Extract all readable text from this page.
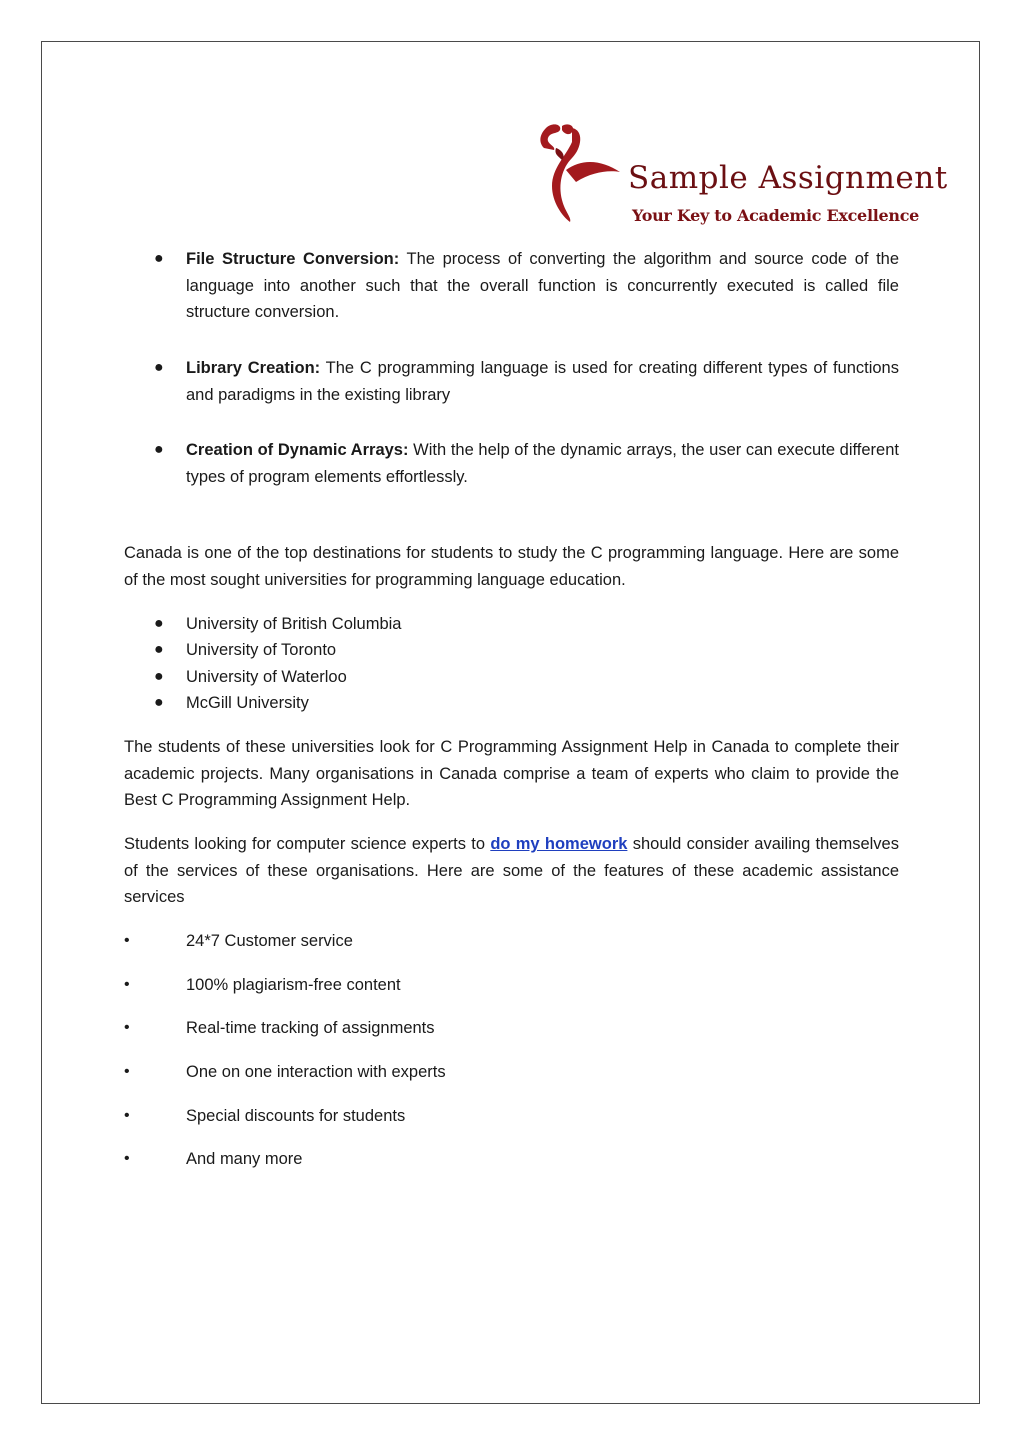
Sample Assignment
Your Key to Academic Excellence
● File Structure Conversion: The process of converting the algorithm and source code of the language into another such that the overall function is concurrently executed is called file structure conversion.
● Library Creation: The C programming language is used for creating different types of functions and paradigms in the existing library
● Creation of Dynamic Arrays: With the help of the dynamic arrays, the user can execute different types of program elements effortlessly.
Canada is one of the top destinations for students to study the C programming language. Here are some of the most sought universities for programming language education.
● University of British Columbia
● University of Toronto
● University of Waterloo
● McGill University
The students of these universities look for C Programming Assignment Help in Canada to complete their academic projects. Many organisations in Canada comprise a team of experts who claim to provide the Best C Programming Assignment Help.
Students looking for computer science experts to do my homework should consider availing themselves of the services of these organisations. Here are some of the features of these academic assistance services
•	24*7 Customer service
•	100% plagiarism-free content
•	Real-time tracking of assignments
•	One on one interaction with experts
•	Special discounts for students
•	And many more
